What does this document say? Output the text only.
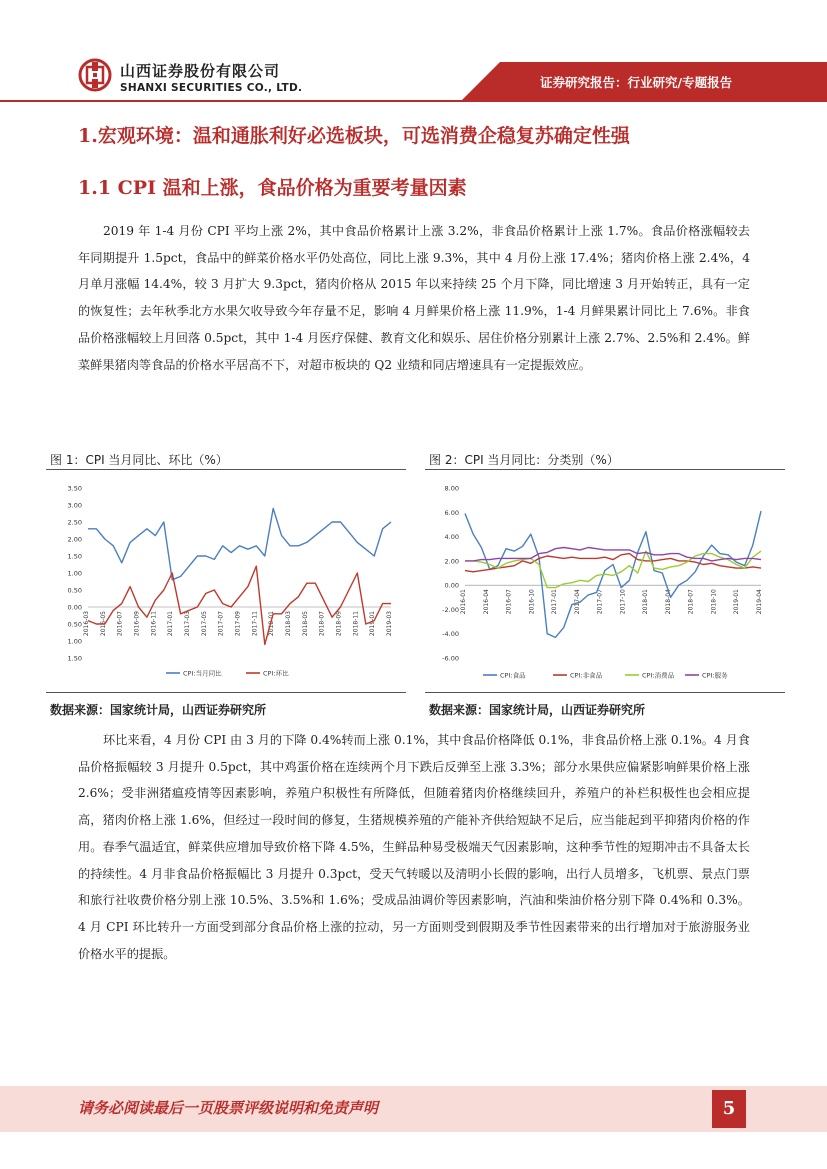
山西证券股份有限公司
SHANXI SECURITIES CO., LTD.	证券研究报告：行业研究/专题报告
1.宏观环境：温和通胀利好必选板块，可选消费企稳复苏确定性强
1.1 CPI 温和上涨，食品价格为重要考量因素
2019 年 1-4 月份 CPI 平均上涨 2%，其中食品价格累计上涨 3.2%，非食品价格累计上涨 1.7%。食品价格涨幅较去年同期提升 1.5pct，食品中的鲜菜价格水平仍处高位，同比上涨 9.3%，其中 4 月份上涨 17.4%；猪肉价格上涨 2.4%，4 月单月涨幅 14.4%，较 3 月扩大 9.3pct，猪肉价格从 2015 年以来持续 25 个月下降，同比增速 3 月开始转正，具有一定的恢复性；去年秋季北方水果欠收导致今年存量不足，影响 4 月鲜果价格上涨 11.9%，1-4 月鲜果累计同比上 7.6%。非食品价格涨幅较上月回落 0.5pct，其中 1-4 月医疗保健、教育文化和娱乐、居住价格分别累计上涨 2.7%、2.5%和 2.4%。鲜菜鲜果猪肉等食品的价格水平居高不下，对超市板块的 Q2 业绩和同店增速具有一定提振效应。
图 1：CPI 当月同比、环比（%）
3.50
3.00
2.50
2.00
1.50
1.00
0.50
0.00
0.50
1.00
1.50
2016-03 2016-05 2016-07 2016-09 2016-11 2017-01 2017-03 2017-05 2017-07 2017-09 2017-11 2018-01 2018-03 2018-05 2018-07 2018-09 2018-11 2019-01 2019-03
CPI:当月同比	CPI:环比
数据来源：国家统计局，山西证券研究所
图 2：CPI 当月同比：分类别（%）
8.00
6.00
4.00
2.00
0.00
-2.00
-4.00
-6.00
2016-01	2016-04	2016-07	2016-10	2017-01	2017-04	2017-07	2017-10	2018-01	2018-04	2018-07	2018-10	2019-01	2019-04
CPI:食品	CPI:非食品	CPI:消费品	CPI:服务
数据来源：国家统计局，山西证券研究所
环比来看，4 月份 CPI 由 3 月的下降 0.4%转而上涨 0.1%，其中食品价格降低 0.1%，非食品价格上涨 0.1%。4 月食品价格振幅较 3 月提升 0.5pct，其中鸡蛋价格在连续两个月下跌后反弹至上涨 3.3%；部分水果供应偏紧影响鲜果价格上涨 2.6%；受非洲猪瘟疫情等因素影响，养殖户积极性有所降低，但随着猪肉价格继续回升，养殖户的补栏积极性也会相应提高，猪肉价格上涨 1.6%，但经过一段时间的修复，生猪规模养殖的产能补齐供给短缺不足后，应当能起到平抑猪肉价格的作用。春季气温适宜，鲜菜供应增加导致价格下降 4.5%，生鲜品种易受极端天气因素影响，这种季节性的短期冲击不具备太长的持续性。4 月非食品价格振幅比 3 月提升 0.3pct，受天气转暖以及清明小长假的影响，出行人员增多，飞机票、景点门票和旅行社收费价格分别上涨 10.5%、3.5%和 1.6%；受成品油调价等因素影响，汽油和柴油价格分别下降 0.4%和 0.3%。4 月 CPI 环比转升一方面受到部分食品价格上涨的拉动，另一方面则受到假期及季节性因素带来的出行增加对于旅游服务业价格水平的提振。
请务必阅读最后一页股票评级说明和免责声明	5
